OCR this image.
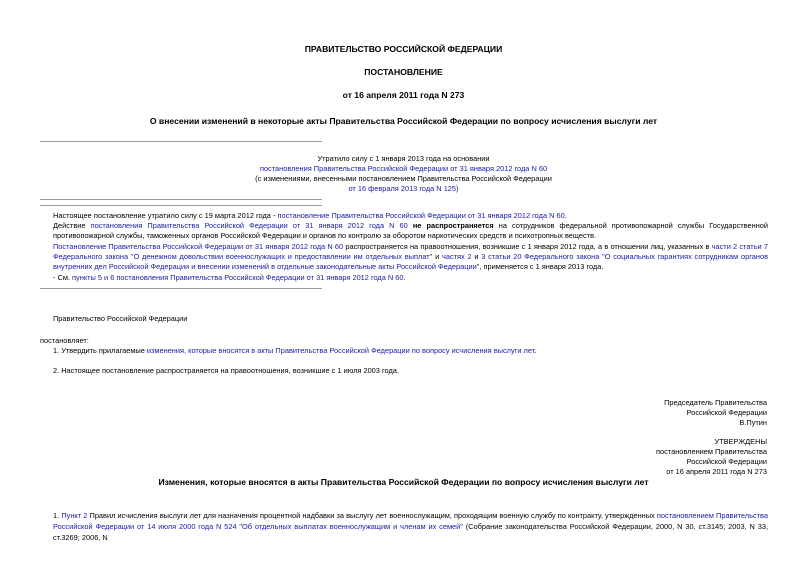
ПРАВИТЕЛЬСТВО РОССИЙСКОЙ ФЕДЕРАЦИИ
ПОСТАНОВЛЕНИЕ
от 16 апреля 2011 года N 273
О внесении изменений в некоторые акты Правительства Российской Федерации по вопросу исчисления выслуги лет
Утратило силу с 1 января 2013 года на основании
постановления Правительства Российской Федерации от 31 января 2012 года N 60
(с изменениями, внесенными постановлением Правительства Российской Федерации
от 16 февраля 2013 года N 125)
Настоящее постановление утратило силу с 19 марта 2012 года - постановление Правительства Российской Федерации от 31 января 2012 года N 60.
Действие постановления Правительства Российской Федерации от 31 января 2012 года N 60 не распространяется на сотрудников федеральной противопожарной службы Государственной противопожарной службы, таможенных органов Российской Федерации и органов по контролю за оборотом наркотических средств и психотропных веществ.
Постановление Правительства Российской Федерации от 31 января 2012 года N 60 распространяется на правоотношения, возникшие с 1 января 2012 года, а в отношении лиц, указанных в части 2 статьи 7 Федерального закона "О денежном довольствии военнослужащих и предоставлении им отдельных выплат" и частях 2 и 3 статьи 20 Федерального закона "О социальных гарантиях сотрудникам органов внутренних дел Российской Федерации и внесении изменений в отдельные законодательные акты Российской Федерации", применяется с 1 января 2013 года.
- См. пункты 5 и 6 постановления Правительства Российской Федерации от 31 января 2012 года N 60.
Правительство Российской Федерации
постановляет:
1. Утвердить прилагаемые изменения, которые вносятся в акты Правительства Российской Федерации по вопросу исчисления выслуги лет.
2. Настоящее постановление распространяется на правоотношения, возникшие с 1 июля 2003 года.
Председатель Правительства
Российской Федерации
В.Путин
УТВЕРЖДЕНЫ
постановлением Правительства
Российской Федерации
от 16 апреля 2011 года N 273
Изменения, которые вносятся в акты Правительства Российской Федерации по вопросу исчисления выслуги лет
1. Пункт 2 Правил исчисления выслуги лет для назначения процентной надбавки за выслугу лет военнослужащим, проходящим военную службу по контракту, утвержденных постановлением Правительства Российской Федерации от 14 июля 2000 года N 524 "Об отдельных выплатах военнослужащим и членам их семей" (Собрание законодательства Российской Федерации, 2000, N 30, ст.3145; 2003, N 33, ст.3269; 2006, N
